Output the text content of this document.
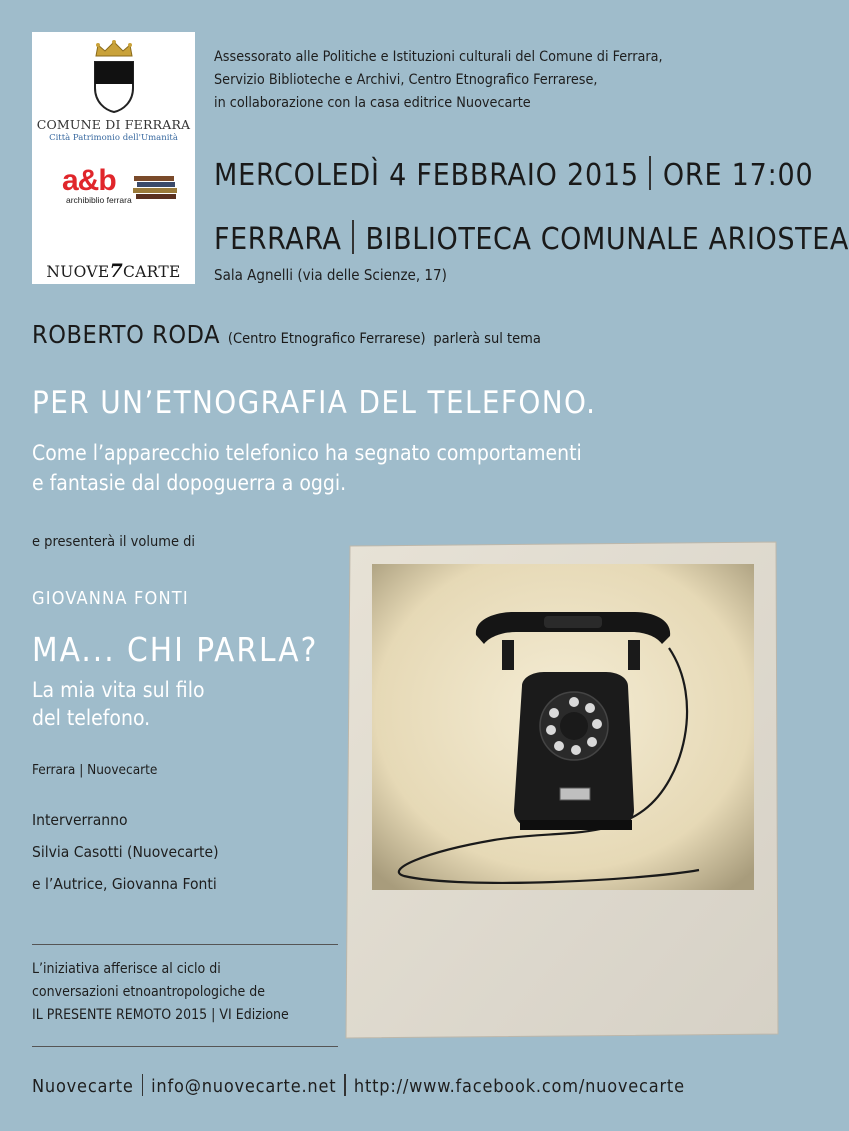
COMUNE DI FERRARA
Città Patrimonio dell'Umanità
a&b
archibiblio ferrara
NUOVE7CARTE
Assessorato alle Politiche e Istituzioni culturali del Comune di Ferrara,
Servizio Biblioteche e Archivi, Centro Etnografico Ferrarese,
in collaborazione con la casa editrice Nuovecarte
MERCOLEDÌ 4 FEBBRAIO 2015 ORE 17:00
FERRARA BIBLIOTECA COMUNALE ARIOSTEA
Sala Agnelli (via delle Scienze, 17)
ROBERTO RODA (Centro Etnografico Ferrarese) parlerà sul tema
PER UN’ETNOGRAFIA DEL TELEFONO.
Come l’apparecchio telefonico ha segnato comportamenti
e fantasie dal dopoguerra a oggi.
e presenterà il volume di
GIOVANNA FONTI
MA... CHI PARLA?
La mia vita sul filo
del telefono.
Ferrara | Nuovecarte
Interverranno
Silvia Casotti (Nuovecarte)
e l’Autrice, Giovanna Fonti
L’iniziativa afferisce al ciclo di
conversazioni etnoantropologiche de
IL PRESENTE REMOTO 2015 | VI Edizione
Nuovecarte info@nuovecarte.net http://www.facebook.com/nuovecarte
